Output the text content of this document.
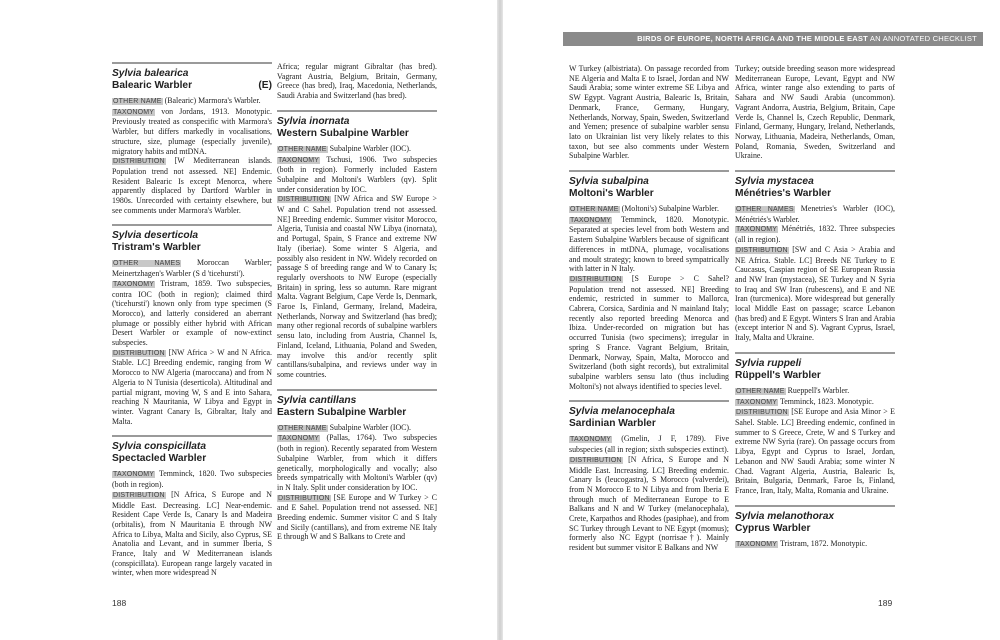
Sylvia balearica
Balearic Warbler	(E)

OTHER NAME (Balearic) Marmora's Warbler.

TAXONOMY von Jordans, 1913. Monotypic. Previously treated as conspecific with Marmora's Warbler, but differs markedly in vocalisations, structure, size, plumage (especially juvenile), migratory habits and mtDNA.

DISTRIBUTION [W Mediterranean islands. Population trend not assessed. NE] Endemic. Resident Balearic Is except Menorca, where apparently displaced by Dartford Warbler in 1980s. Unrecorded with certainty elsewhere, but see comments under Marmora's Warbler.

Sylvia deserticola
Tristram's Warbler

OTHER NAMES Moroccan Warbler; Meinertzhagen's Warbler (S d 'ticehursti').

TAXONOMY Tristram, 1859. Two subspecies, contra IOC (both in region); claimed third ('ticehursti') known only from type specimen (S Morocco), and latterly considered an aberrant plumage or possibly either hybrid with African Desert Warbler or example of now-extinct subspecies.

DISTRIBUTION [NW Africa > W and N Africa. Stable. LC] Breeding endemic, ranging from W Morocco to NW Algeria (maroccana) and from N Algeria to N Tunisia (deserticola). Altitudinal and partial migrant, moving W, S and E into Sahara, reaching N Mauritania, W Libya and Egypt in winter. Vagrant Canary Is, Gibraltar, Italy and Malta.

Sylvia conspicillata
Spectacled Warbler

TAXONOMY Temminck, 1820. Two subspecies (both in region).

DISTRIBUTION [N Africa, S Europe and N Middle East. Decreasing. LC] Near-endemic. Resident Cape Verde Is, Canary Is and Madeira (orbitalis), from N Mauritania E through NW Africa to Libya, Malta and Sicily, also Cyprus, SE Anatolia and Levant, and in summer Iberia, S France, Italy and W Mediterranean islands (conspicillata). European range largely vacated in winter, when more widespread N

Africa; regular migrant Gibraltar (has bred). Vagrant Austria, Belgium, Britain, Germany, Greece (has bred), Iraq, Macedonia, Netherlands, Saudi Arabia and Switzerland (has bred).

Sylvia inornata
Western Subalpine Warbler

OTHER NAME Subalpine Warbler (IOC).

TAXONOMY Tschusi, 1906. Two subspecies (both in region). Formerly included Eastern Subalpine and Moltoni's Warblers (qv). Split under consideration by IOC.

DISTRIBUTION [NW Africa and SW Europe > W and C Sahel. Population trend not assessed. NE] Breeding endemic. Summer visitor Morocco, Algeria, Tunisia and coastal NW Libya (inornata), and Portugal, Spain, S France and extreme NW Italy (iberiae). Some winter S Algeria, and possibly also resident in NW. Widely recorded on passage S of breeding range and W to Canary Is; regularly overshoots to NW Europe (especially Britain) in spring, less so autumn. Rare migrant Malta. Vagrant Belgium, Cape Verde Is, Denmark, Faroe Is, Finland, Germany, Ireland, Madeira, Netherlands, Norway and Switzerland (has bred); many other regional records of subalpine warblers sensu lato, including from Austria, Channel Is, Finland, Iceland, Lithuania, Poland and Sweden, may involve this and/or recently split cantillans/subalpina, and reviews under way in some countries.

Sylvia cantillans
Eastern Subalpine Warbler

OTHER NAME Subalpine Warbler (IOC).

TAXONOMY (Pallas, 1764). Two subspecies (both in region). Recently separated from Western Subalpine Warbler, from which it differs genetically, morphologically and vocally; also breeds sympatrically with Moltoni's Warbler (qv) in N Italy. Split under consideration by IOC.

DISTRIBUTION [SE Europe and W Turkey > C and E Sahel. Population trend not assessed. NE] Breeding endemic. Summer visitor C and S Italy and Sicily (cantillans), and from extreme NE Italy E through W and S Balkans to Crete and

188
BIRDS OF EUROPE, NORTH AFRICA AND THE MIDDLE EAST AN ANNOTATED CHECKLIST

W Turkey (albistriata). On passage recorded from NE Algeria and Malta E to Israel, Jordan and NW Saudi Arabia; some winter extreme SE Libya and SW Egypt. Vagrant Austria, Balearic Is, Britain, Denmark, France, Germany, Hungary, Netherlands, Norway, Spain, Sweden, Switzerland and Yemen; presence of subalpine warbler sensu lato on Ukrainian list very likely relates to this taxon, but see also comments under Western Subalpine Warbler.

Sylvia subalpina
Moltoni's Warbler

OTHER NAME (Moltoni's) Subalpine Warbler.

TAXONOMY Temminck, 1820. Monotypic. Separated at species level from both Western and Eastern Subalpine Warblers because of significant differences in mtDNA, plumage, vocalisations and moult strategy; known to breed sympatrically with latter in N Italy.

DISTRIBUTION [S Europe > C Sahel? Population trend not assessed. NE] Breeding endemic, restricted in summer to Mallorca, Cabrera, Corsica, Sardinia and N mainland Italy; recently also reported breeding Menorca and Ibiza. Under-recorded on migration but has occurred Tunisia (two specimens); irregular in spring S France. Vagrant Belgium, Britain, Denmark, Norway, Spain, Malta, Morocco and Switzerland (both sight records), but extralimital subalpine warblers sensu lato (thus including Moltoni's) not always identified to species level.

Sylvia melanocephala
Sardinian Warbler

TAXONOMY (Gmelin, J F, 1789). Five subspecies (all in region; sixth subspecies extinct).

DISTRIBUTION [N Africa, S Europe and N Middle East. Increasing. LC] Breeding endemic. Canary Is (leucogastra), S Morocco (valverdei), from N Morocco E to N Libya and from Iberia E through much of Mediterranean Europe to E Balkans and N and W Turkey (melanocephala), Crete, Karpathos and Rhodes (pasiphae), and from SC Turkey through Levant to NE Egypt (momus); formerly also NC Egypt (norrisae†). Mainly resident but summer visitor E Balkans and NW

Turkey; outside breeding season more widespread Mediterranean Europe, Levant, Egypt and NW Africa, winter range also extending to parts of Sahara and NW Saudi Arabia (uncommon). Vagrant Andorra, Austria, Belgium, Britain, Cape Verde Is, Channel Is, Czech Republic, Denmark, Finland, Germany, Hungary, Ireland, Netherlands, Norway, Lithuania, Madeira, Netherlands, Oman, Poland, Romania, Sweden, Switzerland and Ukraine.

Sylvia mystacea
Ménétries's Warbler

OTHER NAMES Menetries's Warbler (IOC), Ménétriés's Warbler.

TAXONOMY Ménétriés, 1832. Three subspecies (all in region).

DISTRIBUTION [SW and C Asia > Arabia and NE Africa. Stable. LC] Breeds NE Turkey to E Caucasus, Caspian region of SE European Russia and NW Iran (mystacea), SE Turkey and N Syria to Iraq and SW Iran (rubescens), and E and NE Iran (turcmenica). More widespread but generally local Middle East on passage; scarce Lebanon (has bred) and E Egypt. Winters S Iran and Arabia (except interior N and S). Vagrant Cyprus, Israel, Italy, Malta and Ukraine.

Sylvia ruppeli
Rüppell's Warbler

OTHER NAME Rueppell's Warbler.

TAXONOMY Temminck, 1823. Monotypic.

DISTRIBUTION [SE Europe and Asia Minor > E Sahel. Stable. LC] Breeding endemic, confined in summer to S Greece, Crete, W and S Turkey and extreme NW Syria (rare). On passage occurs from Libya, Egypt and Cyprus to Israel, Jordan, Lebanon and NW Saudi Arabia; some winter N Chad. Vagrant Algeria, Austria, Balearic Is, Britain, Bulgaria, Denmark, Faroe Is, Finland, France, Iran, Italy, Malta, Romania and Ukraine.

Sylvia melanothorax
Cyprus Warbler

TAXONOMY Tristram, 1872. Monotypic.

189
